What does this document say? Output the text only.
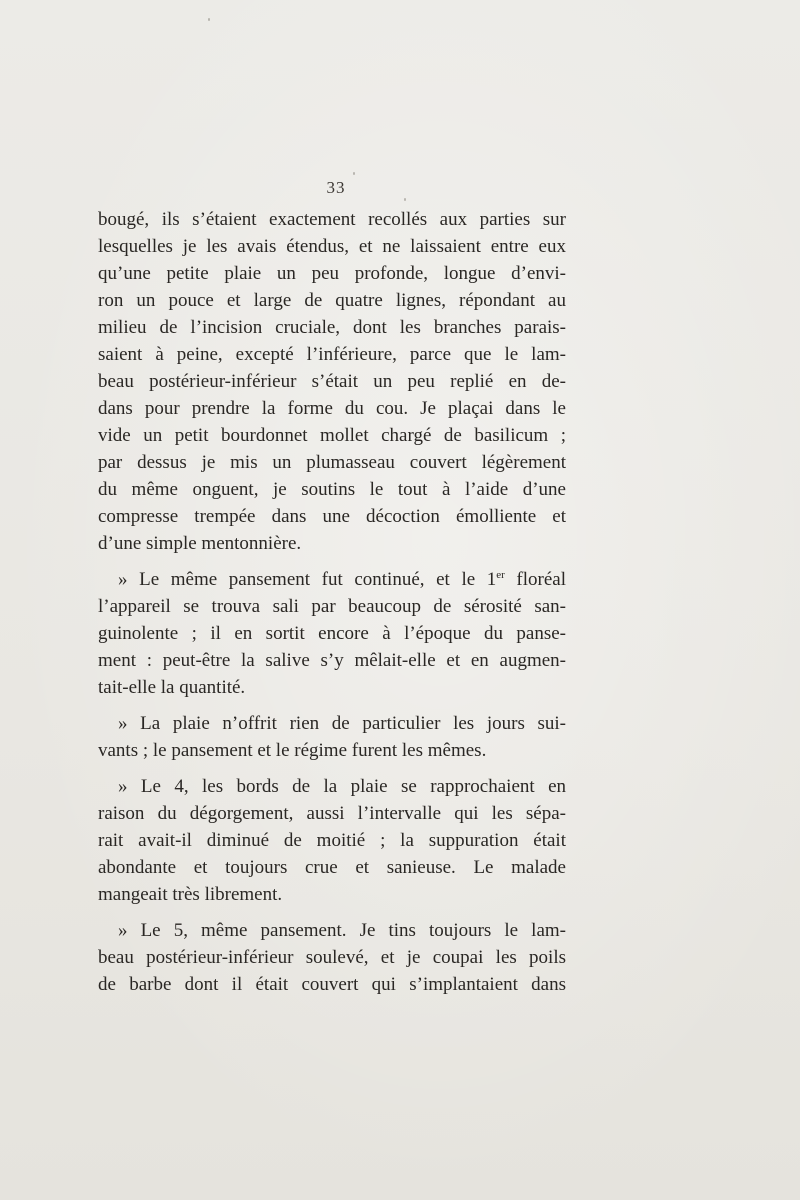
33
bougé, ils s’étaient exactement recollés aux parties sur
lesquelles je les avais étendus, et ne laissaient entre eux
qu’une petite plaie un peu profonde, longue d’envi-
ron un pouce et large de quatre lignes, répondant au
milieu de l’incision cruciale, dont les branches parais-
saient à peine, excepté l’inférieure, parce que le lam-
beau postérieur-inférieur s’était un peu replié en de-
dans pour prendre la forme du cou. Je plaçai dans le
vide un petit bourdonnet mollet chargé de basilicum ;
par dessus je mis un plumasseau couvert légèrement
du même onguent, je soutins le tout à l’aide d’une
compresse trempée dans une décoction émolliente et
d’une simple mentonnière.
» Le même pansement fut continué, et le 1er floréal
l’appareil se trouva sali par beaucoup de sérosité san-
guinolente ; il en sortit encore à l’époque du panse-
ment : peut-être la salive s’y mêlait-elle et en augmen-
tait-elle la quantité.
» La plaie n’offrit rien de particulier les jours sui-
vants ; le pansement et le régime furent les mêmes.
» Le 4, les bords de la plaie se rapprochaient en
raison du dégorgement, aussi l’intervalle qui les sépa-
rait avait-il diminué de moitié ; la suppuration était
abondante et toujours crue et sanieuse. Le malade
mangeait très librement.
» Le 5, même pansement. Je tins toujours le lam-
beau postérieur-inférieur soulevé, et je coupai les poils
de barbe dont il était couvert qui s’implantaient dans
